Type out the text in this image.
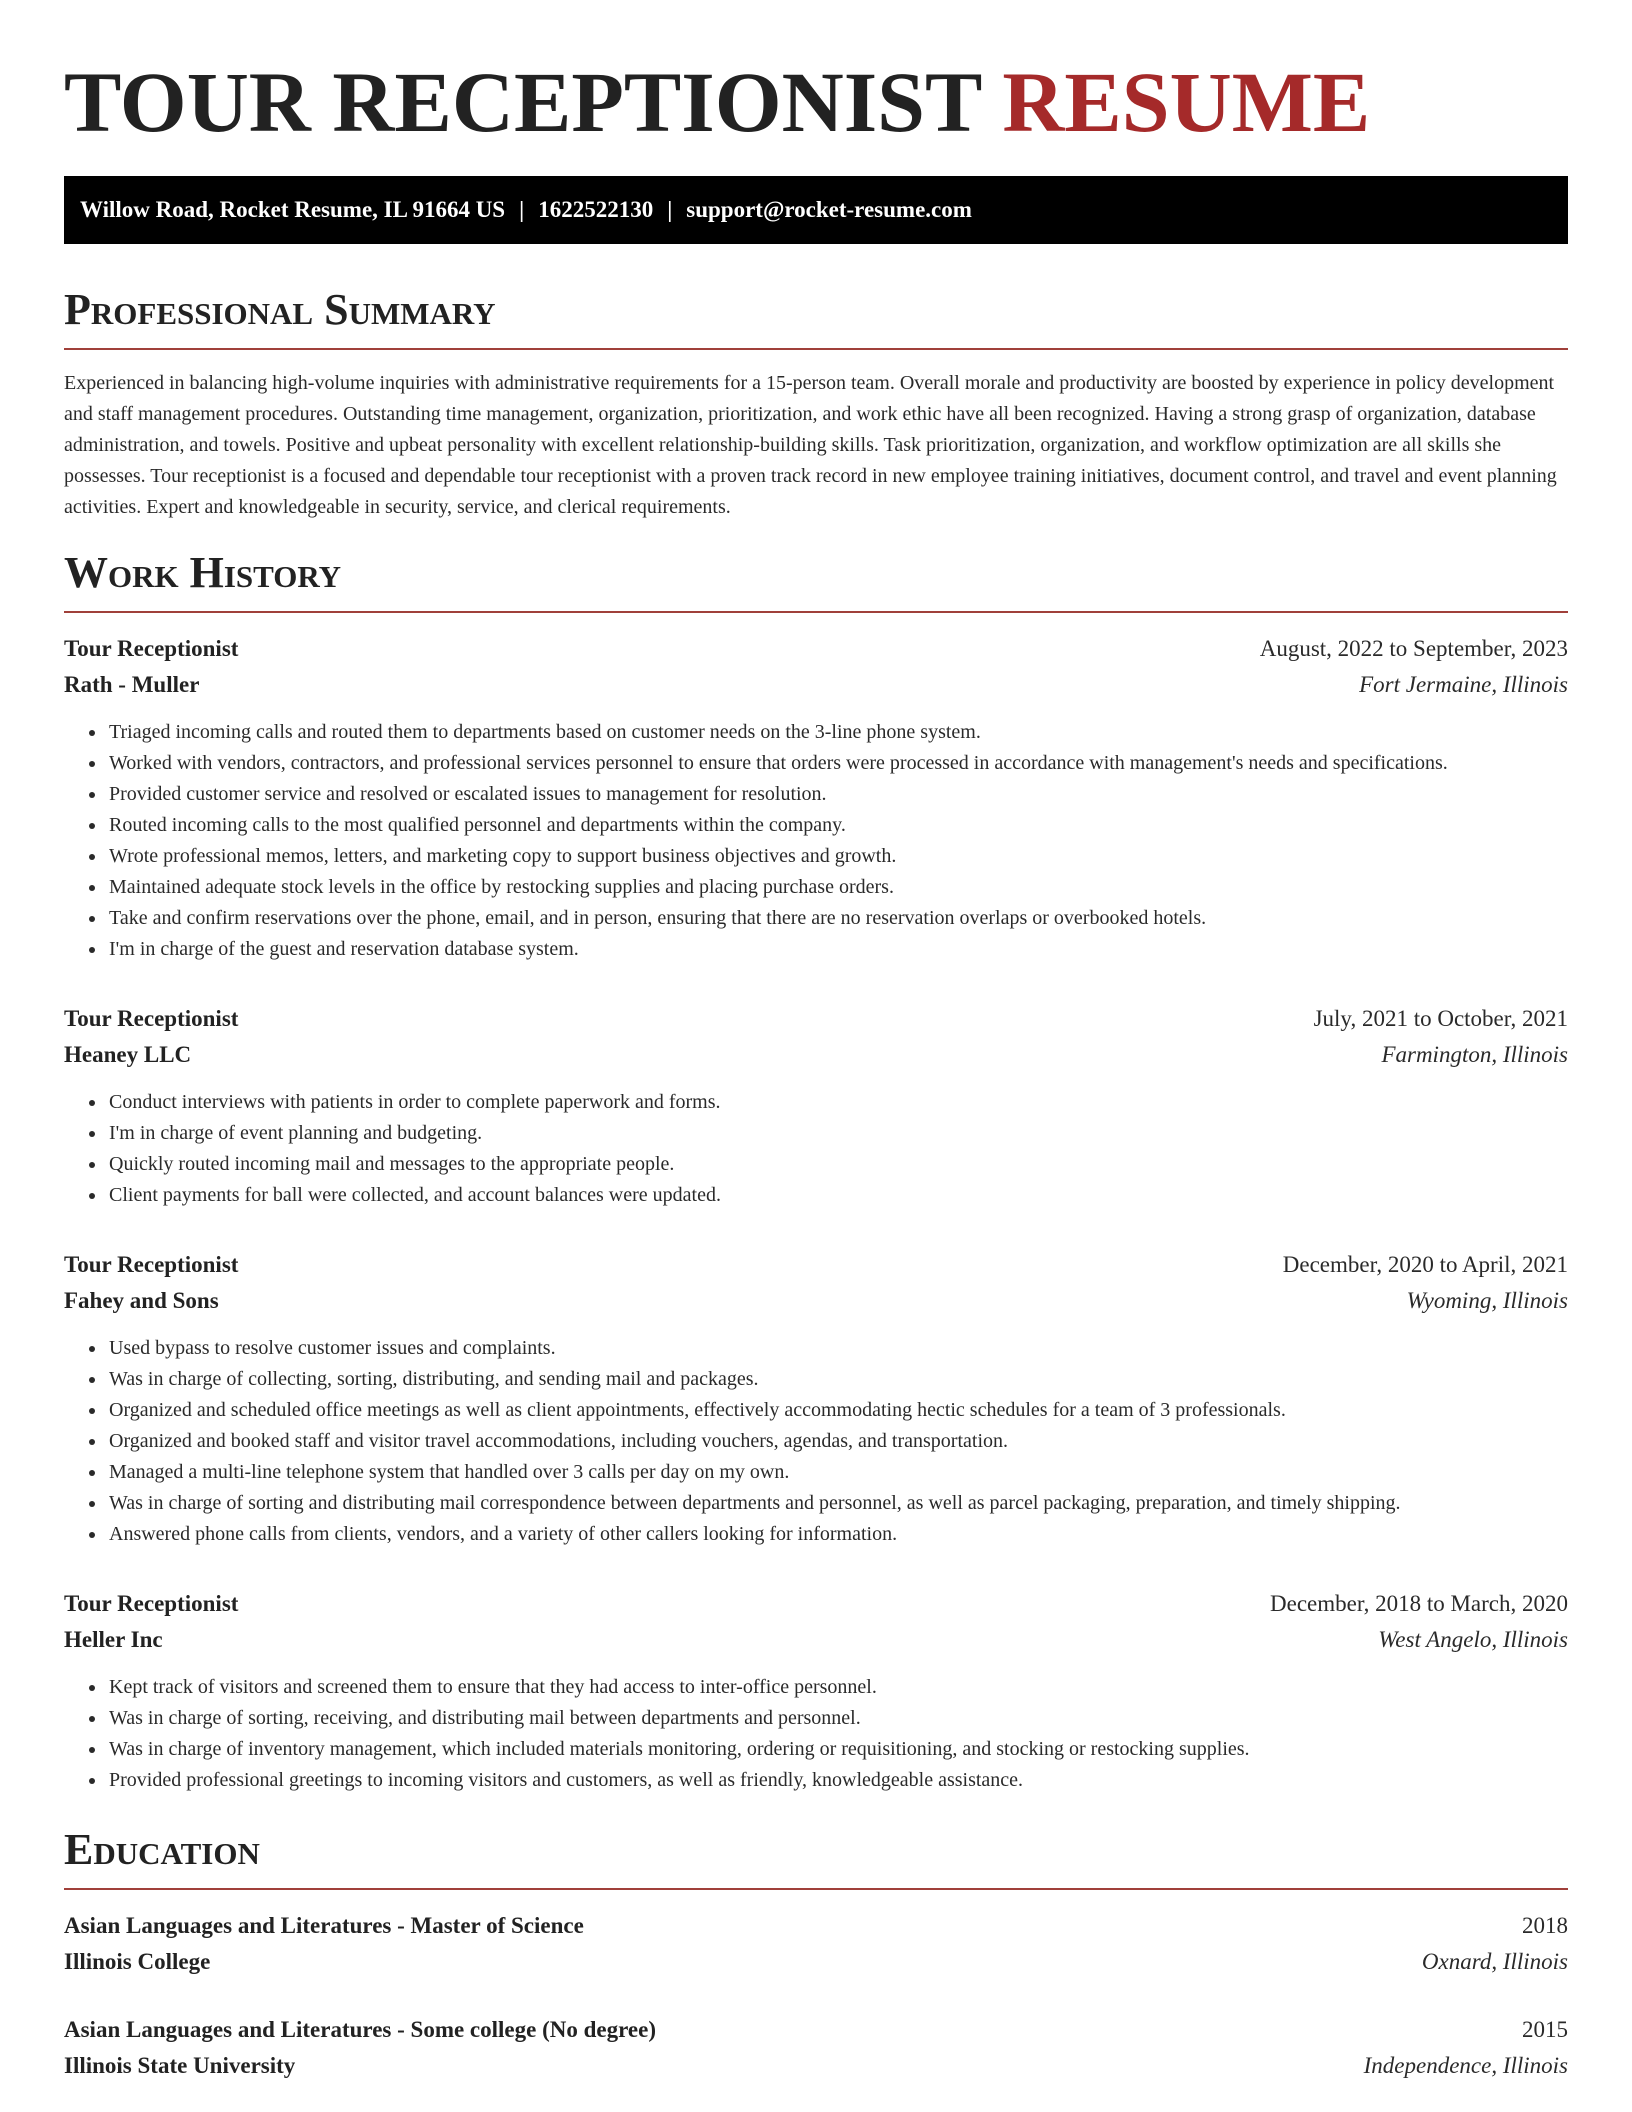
TOUR RECEPTIONIST RESUME
Willow Road, Rocket Resume, IL 91664 US | 1622522130 | support@rocket-resume.com
Professional Summary

Experienced in balancing high-volume inquiries with administrative requirements for a 15-person team. Overall morale and productivity are boosted by experience in policy development and staff management procedures. Outstanding time management, organization, prioritization, and work ethic have all been recognized. Having a strong grasp of organization, database administration, and towels. Positive and upbeat personality with excellent relationship-building skills. Task prioritization, organization, and workflow optimization are all skills she possesses. Tour receptionist is a focused and dependable tour receptionist with a proven track record in new employee training initiatives, document control, and travel and event planning activities. Expert and knowledgeable in security, service, and clerical requirements.

Work History
Tour Receptionist	August, 2022 to September, 2023
Rath - Muller	Fort Jermaine, Illinois
• Triaged incoming calls and routed them to departments based on customer needs on the 3-line phone system.
• Worked with vendors, contractors, and professional services personnel to ensure that orders were processed in accordance with management's needs and specifications.
• Provided customer service and resolved or escalated issues to management for resolution.
• Routed incoming calls to the most qualified personnel and departments within the company.
• Wrote professional memos, letters, and marketing copy to support business objectives and growth.
• Maintained adequate stock levels in the office by restocking supplies and placing purchase orders.
• Take and confirm reservations over the phone, email, and in person, ensuring that there are no reservation overlaps or overbooked hotels.
• I'm in charge of the guest and reservation database system.
Tour Receptionist	July, 2021 to October, 2021
Heaney LLC	Farmington, Illinois
• Conduct interviews with patients in order to complete paperwork and forms.
• I'm in charge of event planning and budgeting.
• Quickly routed incoming mail and messages to the appropriate people.
• Client payments for ball were collected, and account balances were updated.
Tour Receptionist	December, 2020 to April, 2021
Fahey and Sons	Wyoming, Illinois
• Used bypass to resolve customer issues and complaints.
• Was in charge of collecting, sorting, distributing, and sending mail and packages.
• Organized and scheduled office meetings as well as client appointments, effectively accommodating hectic schedules for a team of 3 professionals.
• Organized and booked staff and visitor travel accommodations, including vouchers, agendas, and transportation.
• Managed a multi-line telephone system that handled over 3 calls per day on my own.
• Was in charge of sorting and distributing mail correspondence between departments and personnel, as well as parcel packaging, preparation, and timely shipping.
• Answered phone calls from clients, vendors, and a variety of other callers looking for information.
Tour Receptionist	December, 2018 to March, 2020
Heller Inc	West Angelo, Illinois
• Kept track of visitors and screened them to ensure that they had access to inter-office personnel.
• Was in charge of sorting, receiving, and distributing mail between departments and personnel.
• Was in charge of inventory management, which included materials monitoring, ordering or requisitioning, and stocking or restocking supplies.
• Provided professional greetings to incoming visitors and customers, as well as friendly, knowledgeable assistance.
Education
Asian Languages and Literatures - Master of Science	2018
Illinois College	Oxnard, Illinois
Asian Languages and Literatures - Some college (No degree)	2015
Illinois State University	Independence, Illinois
